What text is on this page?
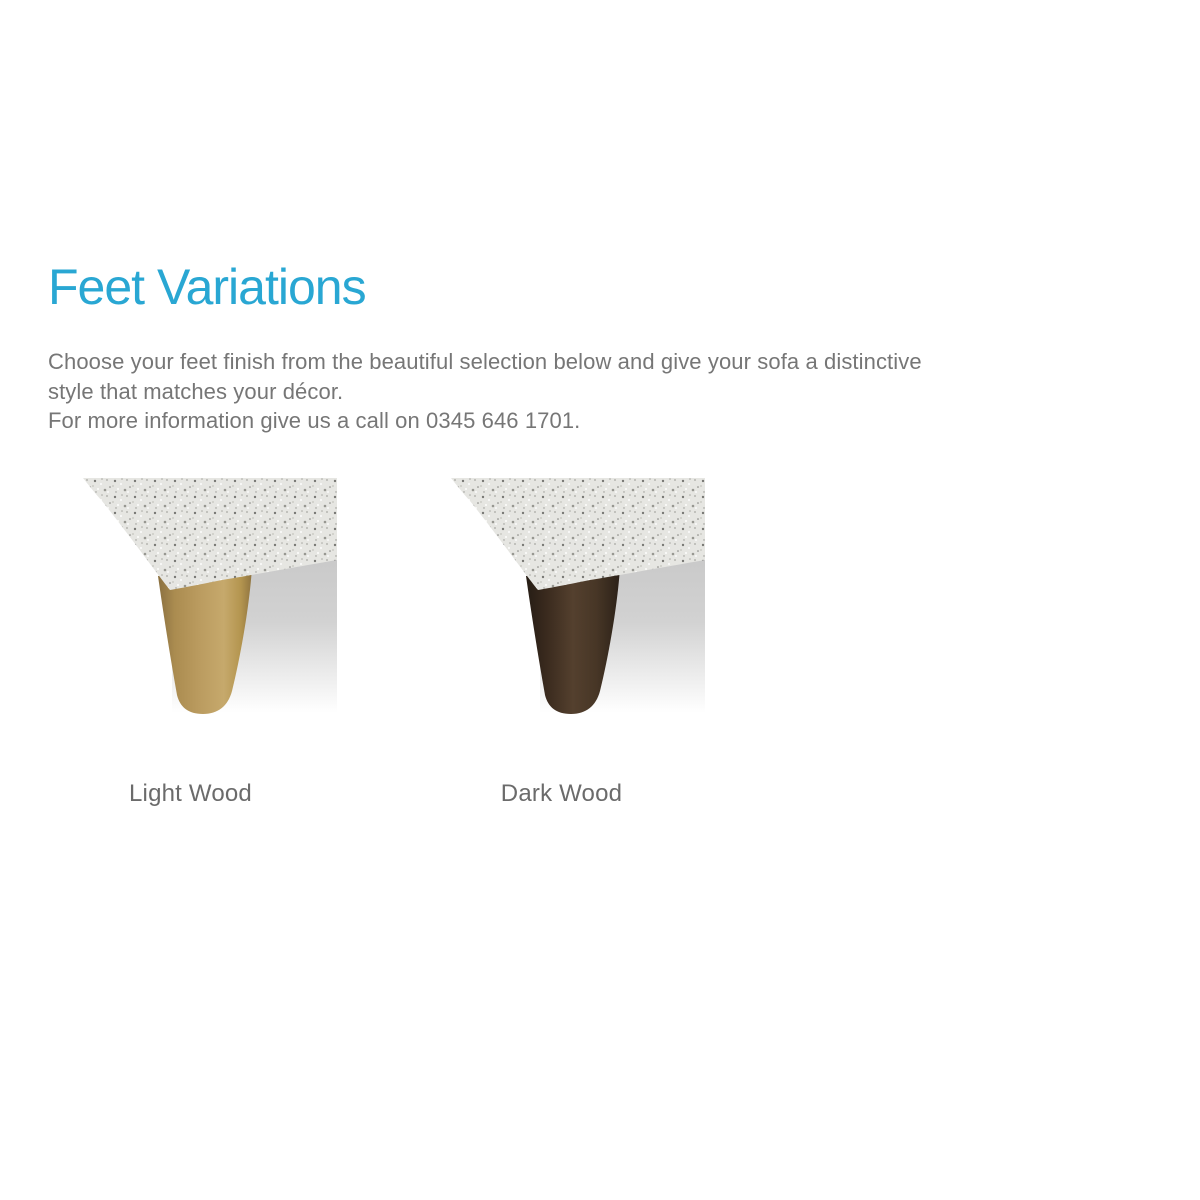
Feet Variations

Choose your feet finish from the beautiful selection below and give your sofa a distinctive style that matches your décor.
For more information give us a call on 0345 646 1701.

Light Wood	Dark Wood
